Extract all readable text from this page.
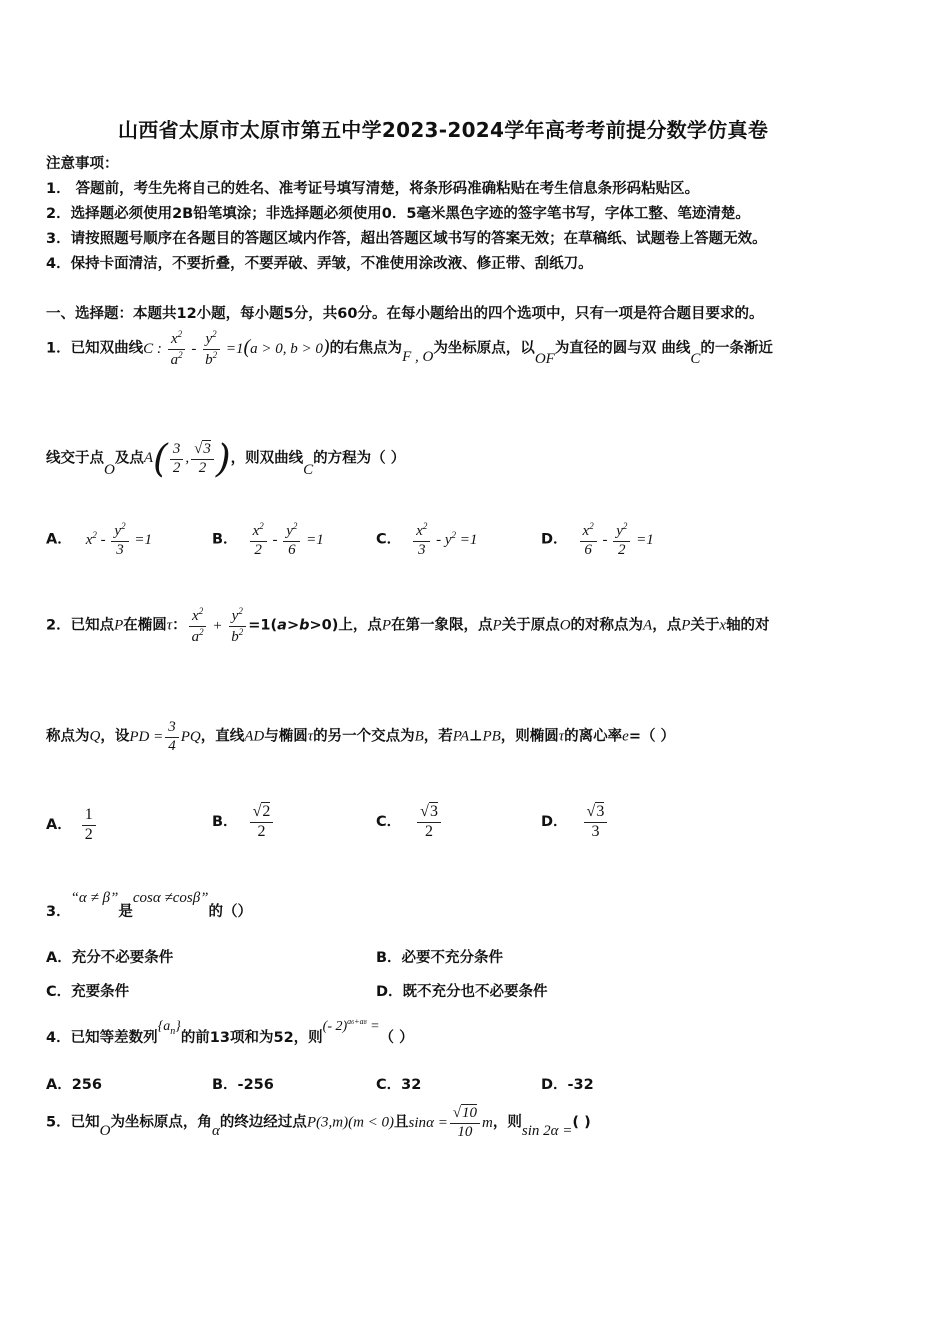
山西省太原市太原市第五中学2023-2024学年高考考前提分数学仿真卷
注意事项：
1． 答题前，考生先将自己的姓名、准考证号填写清楚，将条形码准确粘贴在考生信息条形码粘贴区。
2．选择题必须使用2B铅笔填涂；非选择题必须使用0．5毫米黑色字迹的签字笔书写，字体工整、笔迹清楚。
3．请按照题号顺序在各题目的答题区域内作答，超出答题区域书写的答案无效；在草稿纸、试题卷上答题无效。
4．保持卡面清洁，不要折叠，不要弄破、弄皱，不准使用涂改液、修正带、刮纸刀。
一、选择题：本题共12小题，每小题5分，共60分。在每小题给出的四个选项中，只有一项是符合题目要求的。
1．已知双曲线C : $\frac{x^2}{a^2} - \frac{y^2}{b^2} =1(a > 0$, b > 0)的右焦点为F , O为坐标原点，以OF为直径的圆与双 曲线C的一条渐近
线交于点O及点$A( \frac{3}{2}$ , $\frac{√3}{2}$ )，则双曲线C的方程为（ ）
A． $x^2 - \frac{y^2}{3} =1$	B． $\frac{x^2}{2} - \frac{y^2}{6} =1$	C． $\frac{x^2}{3} - y^2 =1$	D． $\frac{x^2}{6} - \frac{y^2}{2} =1$
2．已知点P在椭圆τ： $\frac{x^2}{a^2} + \frac{y^2}{b^2} =1(a>b>0)$上，点P在第一象限，点P关于原点O的对称点为A，点P关于x轴的对
称点为Q，设PD = $\frac{3}{4}$ PQ，直线AD与椭圆τ的另一个交点为B，若PA⊥PB，则椭圆τ的离心率e=（ ）
A． $\frac{1}{2}$	B． $\frac{√2}{2}$	C． $\frac{√3}{2}$	D． $\frac{√3}{3}$
3．“α ≠ β”是cosα ≠cosβ”的（）
A．充分不必要条件	B．必要不充分条件
C．充要条件	D．既不充分也不必要条件
4．已知等差数列$\{a_n\}$的前13项和为52，则(- 2)$^{a6+a8}$ =（ ）
A．256	B．-256	C．32	D．-32
5．已知O为坐标原点，角α的终边经过点P(3,m)(m < 0)且$\sin\alpha = \frac{√10}{10}$ m，则sin 2α =( )
